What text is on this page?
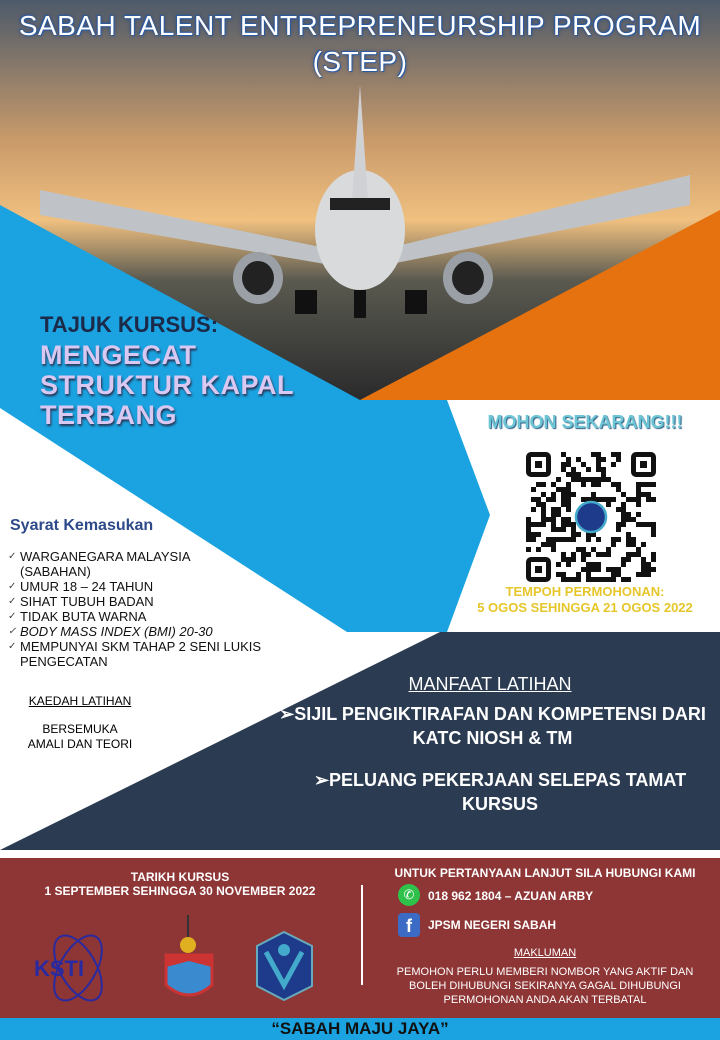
SABAH TALENT ENTREPRENEURSHIP PROGRAM
(STEP)
TAJUK KURSUS:
MENGECAT
STRUKTUR KAPAL
TERBANG
Syarat Kemasukan
✓ WARGANEGARA MALAYSIA (SABAHAN)
✓ UMUR 18 – 24 TAHUN
✓ SIHAT TUBUH BADAN
✓ TIDAK BUTA WARNA
✓ BODY MASS INDEX (BMI) 20-30
✓ MEMPUNYAI SKM TAHAP 2 SENI LUKIS PENGECATAN
KAEDAH LATIHAN
BERSEMUKA
AMALI DAN TEORI
MOHON SEKARANG!!!
TEMPOH PERMOHONAN:
5 OGOS SEHINGGA 21 OGOS 2022
MANFAAT LATIHAN
➢SIJIL PENGIKTIRAFAN DAN KOMPETENSI DARI KATC NIOSH & TM
➢PELUANG PEKERJAAN SELEPAS TAMAT KURSUS
TARIKH KURSUS
1 SEPTEMBER SEHINGGA 30 NOVEMBER 2022
KSTI
UNTUK PERTANYAAN LANJUT SILA HUBUNGI KAMI
✆	018 962 1804 – AZUAN ARBY
f	JPSM NEGERI SABAH
MAKLUMAN
PEMOHON PERLU MEMBERI NOMBOR YANG AKTIF DAN BOLEH DIHUBUNGI SEKIRANYA GAGAL DIHUBUNGI PERMOHONAN ANDA AKAN TERBATAL
“SABAH MAJU JAYA”
